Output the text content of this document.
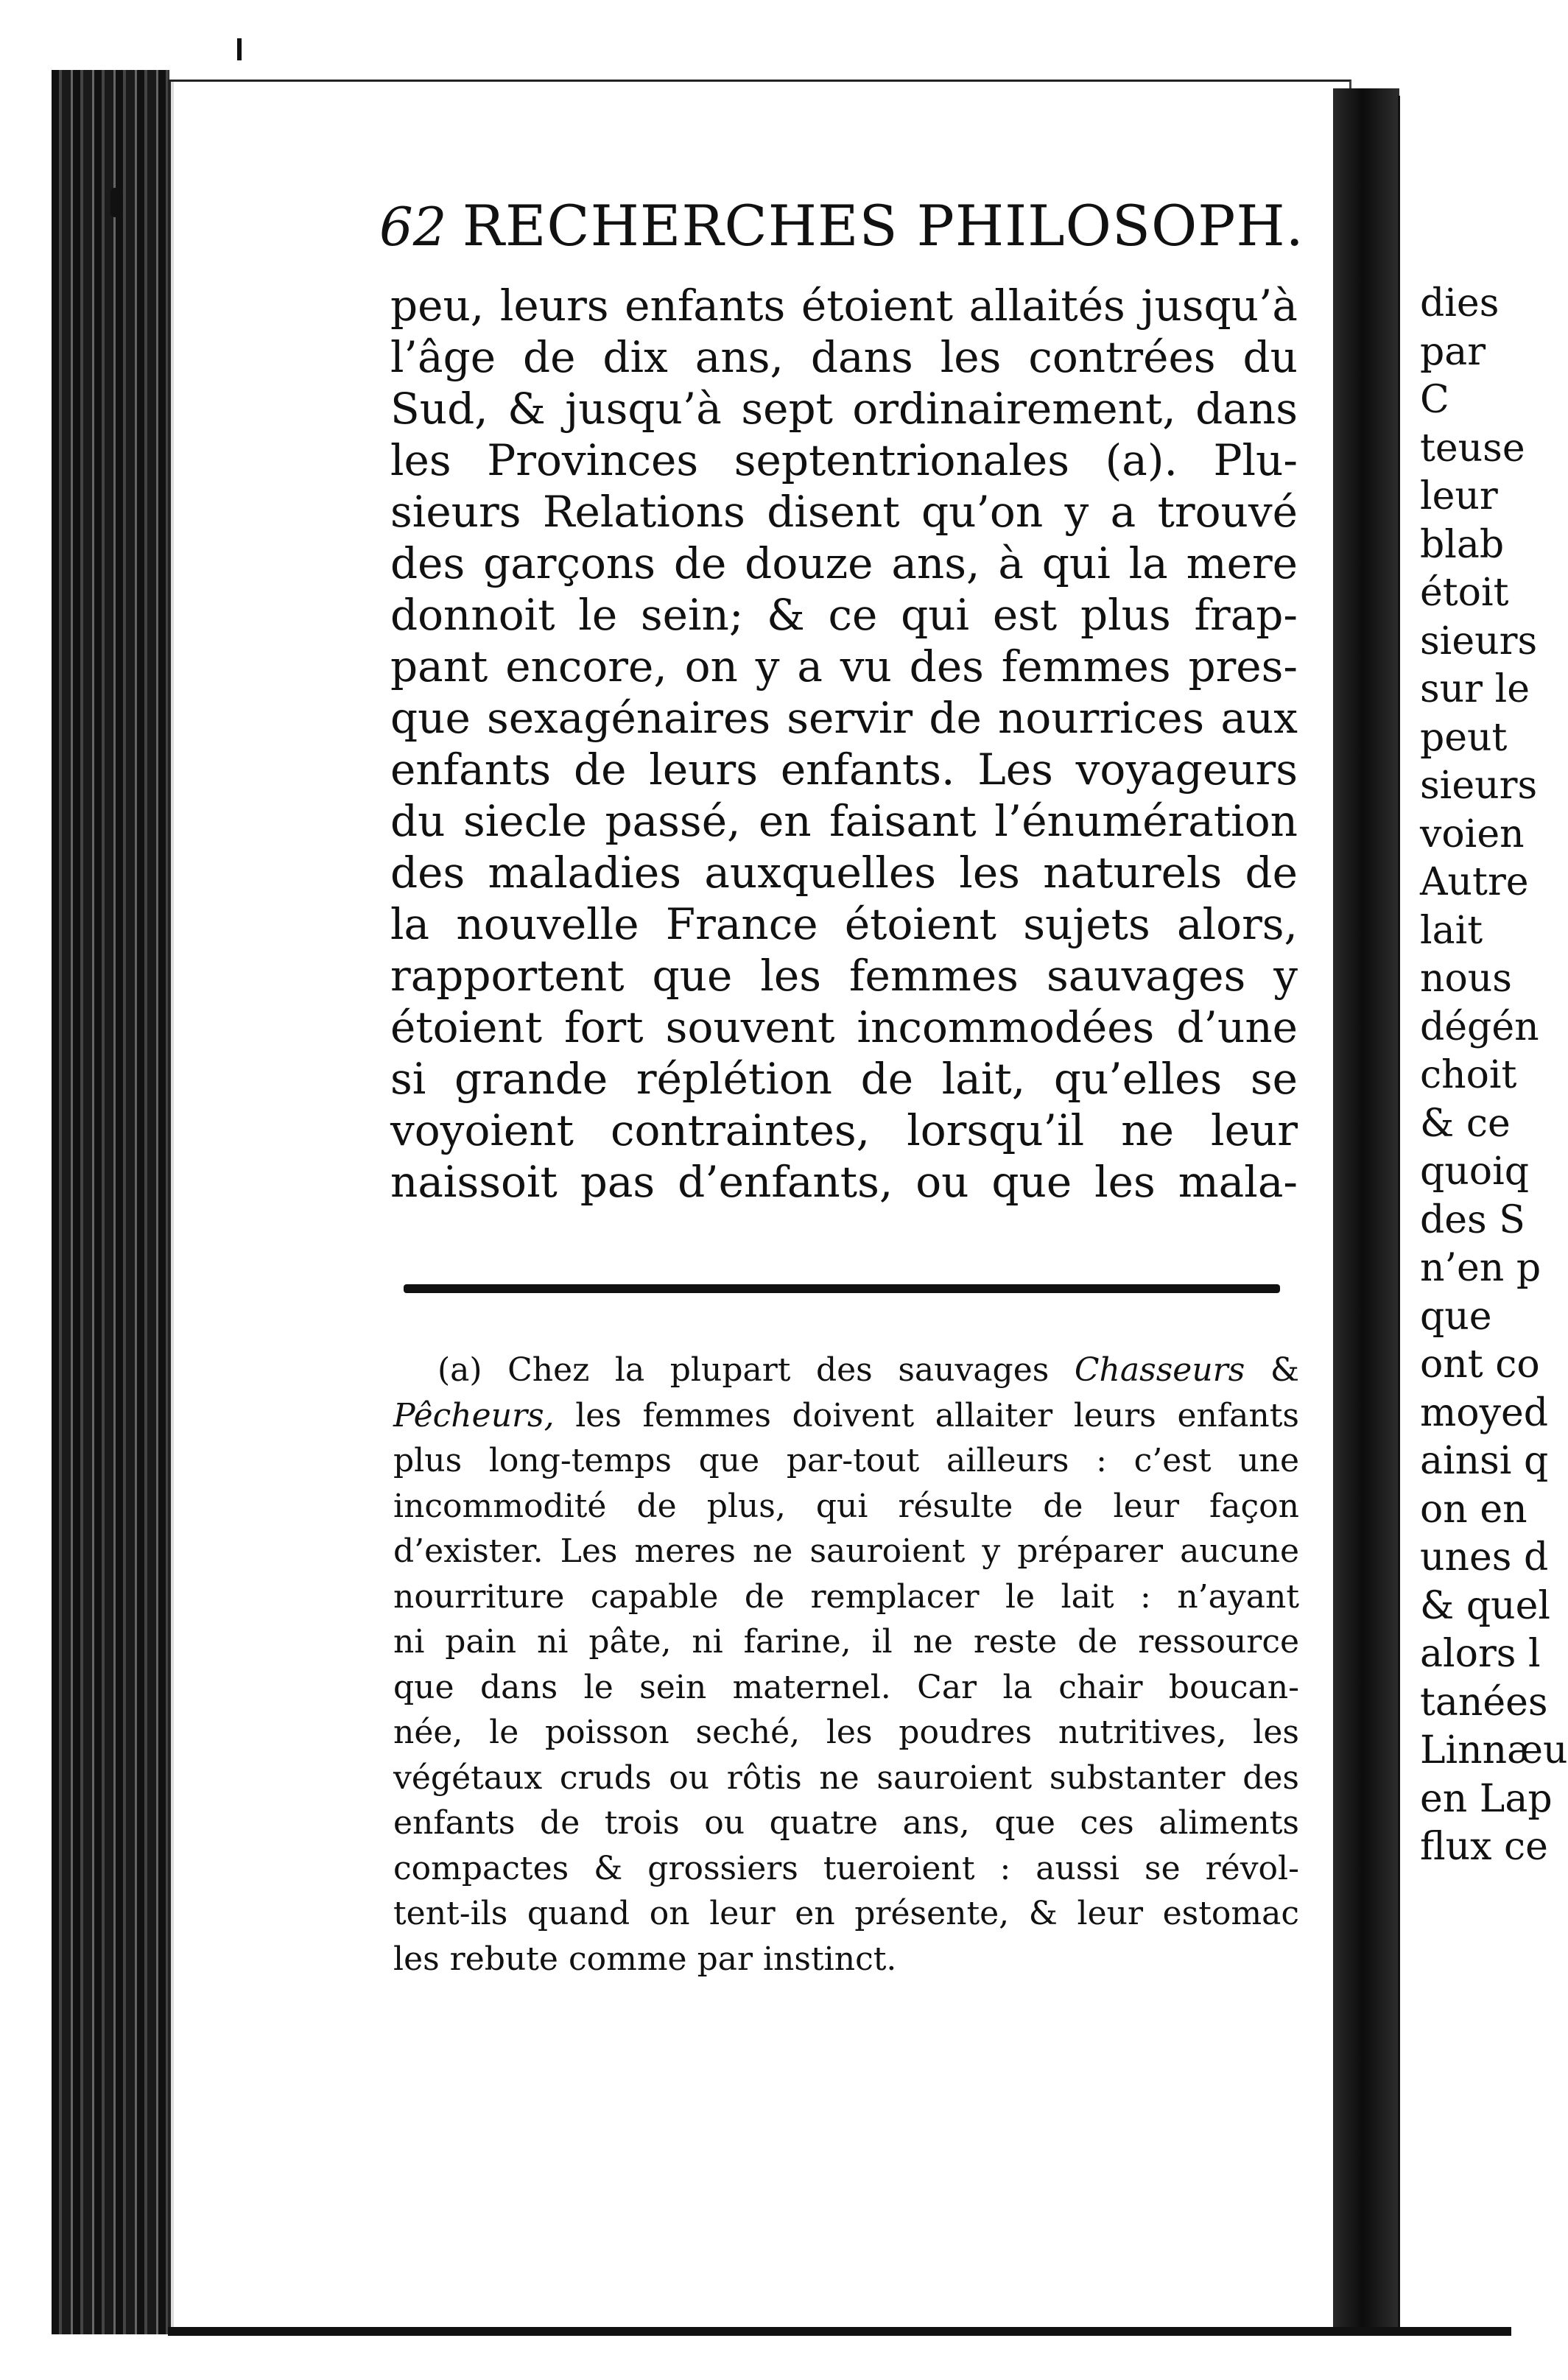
62 RECHERCHES PHILOSOPH.
peu, leurs enfants étoient allaités jusqu’à
l’âge de dix ans, dans les contrées du
Sud, & jusqu’à sept ordinairement, dans
les Provinces septentrionales (a). Plu-
sieurs Relations disent qu’on y a trouvé
des garçons de douze ans, à qui la mere
donnoit le sein; & ce qui est plus frap-
pant encore, on y a vu des femmes pres-
que sexagénaires servir de nourrices aux
enfants de leurs enfants. Les voyageurs
du siecle passé, en faisant l’énumération
des maladies auxquelles les naturels de
la nouvelle France étoient sujets alors,
rapportent que les femmes sauvages y
étoient fort souvent incommodées d’une
si grande réplétion de lait, qu’elles se
voyoient contraintes, lorsqu’il ne leur
naissoit pas d’enfants, ou que les mala-
(a) Chez la plupart des sauvages Chasseurs &
Pêcheurs, les femmes doivent allaiter leurs enfants
plus long-temps que par-tout ailleurs : c’est une
incommodité de plus, qui résulte de leur façon
d’exister. Les meres ne sauroient y préparer aucune
nourriture capable de remplacer le lait : n’ayant
ni pain ni pâte, ni farine, il ne reste de ressource
que dans le sein maternel. Car la chair boucan-
née, le poisson seché, les poudres nutritives, les
végétaux cruds ou rôtis ne sauroient substanter des
enfants de trois ou quatre ans, que ces aliments
compactes & grossiers tueroient : aussi se révol-
tent-ils quand on leur en présente, & leur estomac
les rebute comme par instinct.
dies
par
C
teuse
leur
blab
étoit
sieurs
sur le
peut
sieurs
voien
Autre
lait
nous
dégén
choit
& ce
quoiq
des S
n’en p
que
ont co
moyed
ainsi q
on en
unes d
& quel
alors l
tanées
Linnæu
en Lap
flux ce
